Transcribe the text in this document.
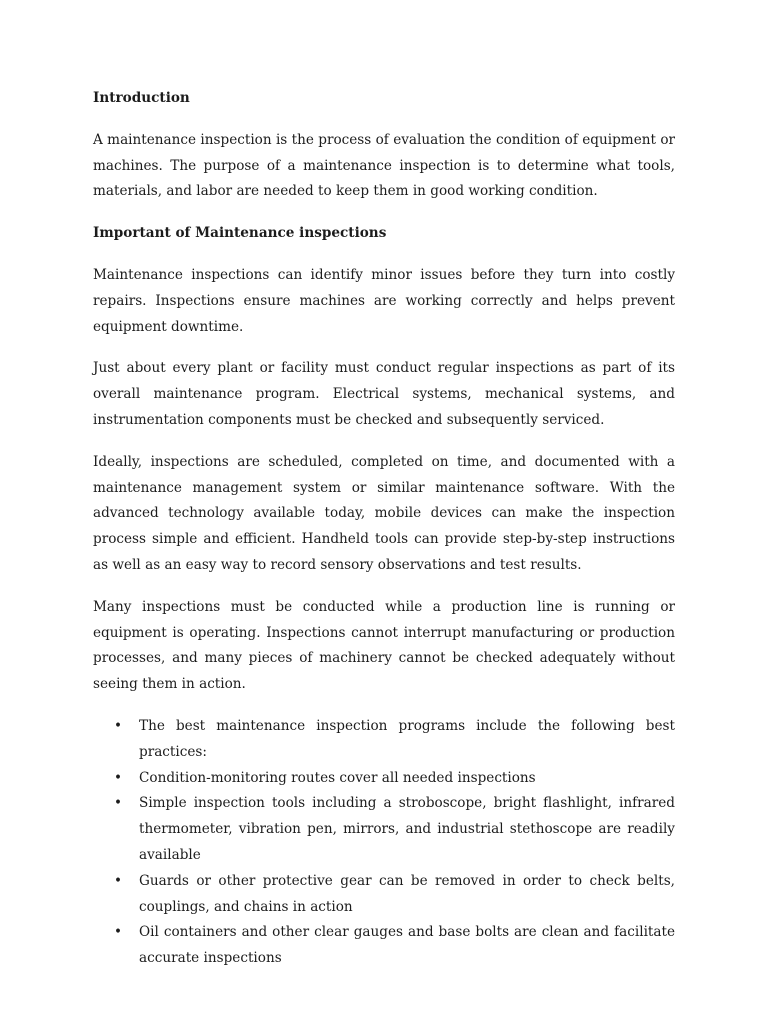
Introduction
A maintenance inspection is the process of evaluation the condition of equipment or machines. The purpose of a maintenance inspection is to determine what tools, materials, and labor are needed to keep them in good working condition.
Important of Maintenance inspections
Maintenance inspections can identify minor issues before they turn into costly repairs. Inspections ensure machines are working correctly and helps prevent equipment downtime.
Just about every plant or facility must conduct regular inspections as part of its overall maintenance program. Electrical systems, mechanical systems, and instrumentation components must be checked and subsequently serviced.
Ideally, inspections are scheduled, completed on time, and documented with a maintenance management system or similar maintenance software. With the advanced technology available today, mobile devices can make the inspection process simple and efficient. Handheld tools can provide step-by-step instructions as well as an easy way to record sensory observations and test results.
Many inspections must be conducted while a production line is running or equipment is operating. Inspections cannot interrupt manufacturing or production processes, and many pieces of machinery cannot be checked adequately without seeing them in action.
• The best maintenance inspection programs include the following best practices:
• Condition-monitoring routes cover all needed inspections
• Simple inspection tools including a stroboscope, bright flashlight, infrared thermometer, vibration pen, mirrors, and industrial stethoscope are readily available
• Guards or other protective gear can be removed in order to check belts, couplings, and chains in action
• Oil containers and other clear gauges and base bolts are clean and facilitate accurate inspections
